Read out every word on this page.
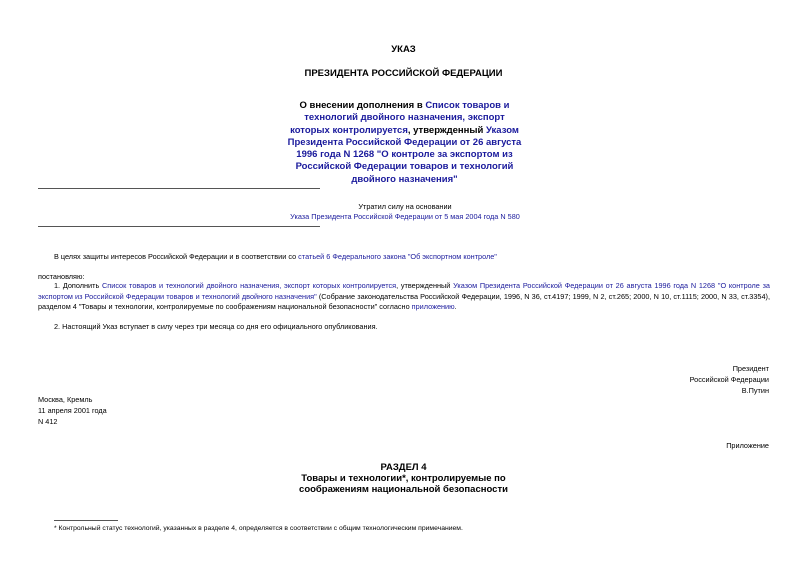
УКАЗ
ПРЕЗИДЕНТА РОССИЙСКОЙ ФЕДЕРАЦИИ
О внесении дополнения в Список товаров и технологий двойного назначения, экспорт которых контролируется, утвержденный Указом Президента Российской Федерации от 26 августа 1996 года N 1268 "О контроле за экспортом из Российской Федерации товаров и технологий двойного назначения"
Утратил силу на основании
Указа Президента Российской Федерации от 5 мая 2004 года N 580
В целях защиты интересов Российской Федерации и в соответствии со статьей 6 Федерального закона "Об экспортном контроле"
постановляю:
1. Дополнить Список товаров и технологий двойного назначения, экспорт которых контролируется, утвержденный Указом Президента Российской Федерации от 26 августа 1996 года N 1268 "О контроле за экспортом из Российской Федерации товаров и технологий двойного назначения" (Собрание законодательства Российской Федерации, 1996, N 36, ст.4197; 1999, N 2, ст.265; 2000, N 10, ст.1115; 2000, N 33, ст.3354), разделом 4 "Товары и технологии, контролируемые по соображениям национальной безопасности" согласно приложению.
2. Настоящий Указ вступает в силу через три месяца со дня его официального опубликования.
Президент
Российской Федерации
В.Путин
Москва, Кремль
11 апреля 2001 года
N 412
Приложение
РАЗДЕЛ 4
Товары и технологии*, контролируемые по
соображениям национальной безопасности
* Контрольный статус технологий, указанных в разделе 4, определяется в соответствии с общим технологическим примечанием.
